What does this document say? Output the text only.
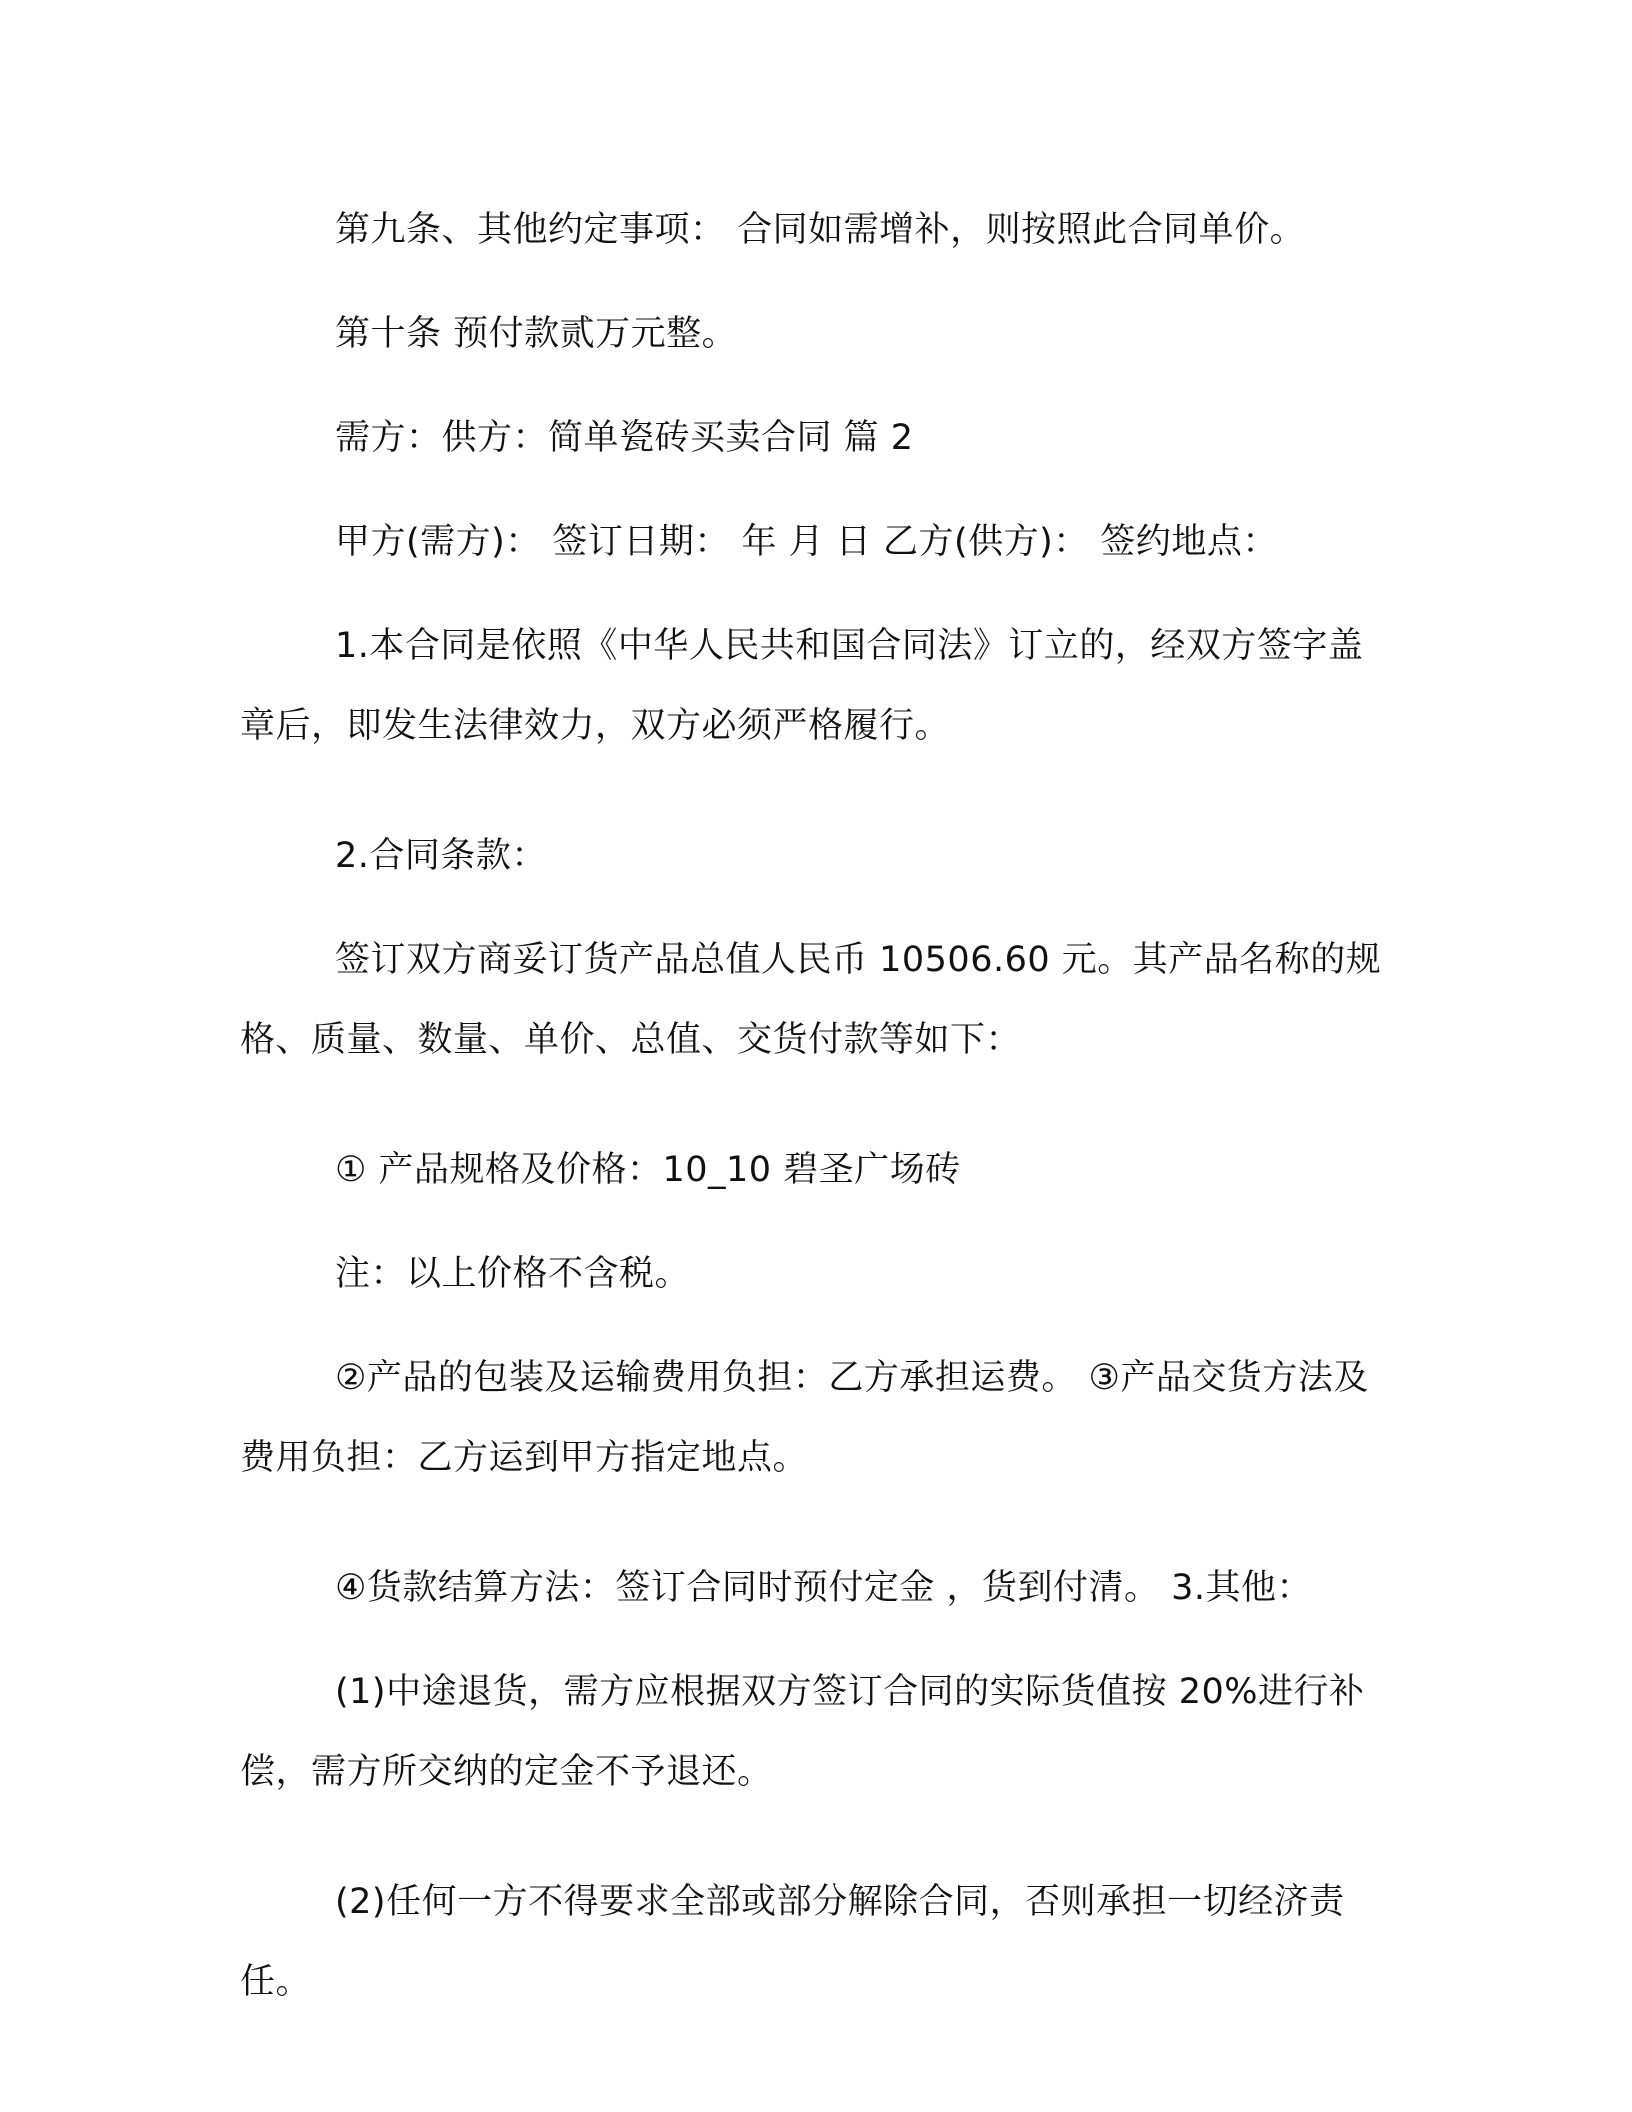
第九条、其他约定事项： 合同如需增补，则按照此合同单价。

第十条 预付款贰万元整。

需方：供方：简单瓷砖买卖合同 篇 2

甲方(需方)： 签订日期： 年 月 日 乙方(供方)： 签约地点：

1.本合同是依照《中华人民共和国合同法》订立的，经双方签字盖章后，即发生法律效力，双方必须严格履行。

2.合同条款：

签订双方商妥订货产品总值人民币 10506.60 元。其产品名称的规格、质量、数量、单价、总值、交货付款等如下：

① 产品规格及价格：10_10 碧圣广场砖

注：以上价格不含税。

②产品的包装及运输费用负担：乙方承担运费。 ③产品交货方法及费用负担：乙方运到甲方指定地点。

④货款结算方法：签订合同时预付定金 ，货到付清。 3.其他：

(1)中途退货，需方应根据双方签订合同的实际货值按 20%进行补偿，需方所交纳的定金不予退还。

(2)任何一方不得要求全部或部分解除合同，否则承担一切经济责任。
